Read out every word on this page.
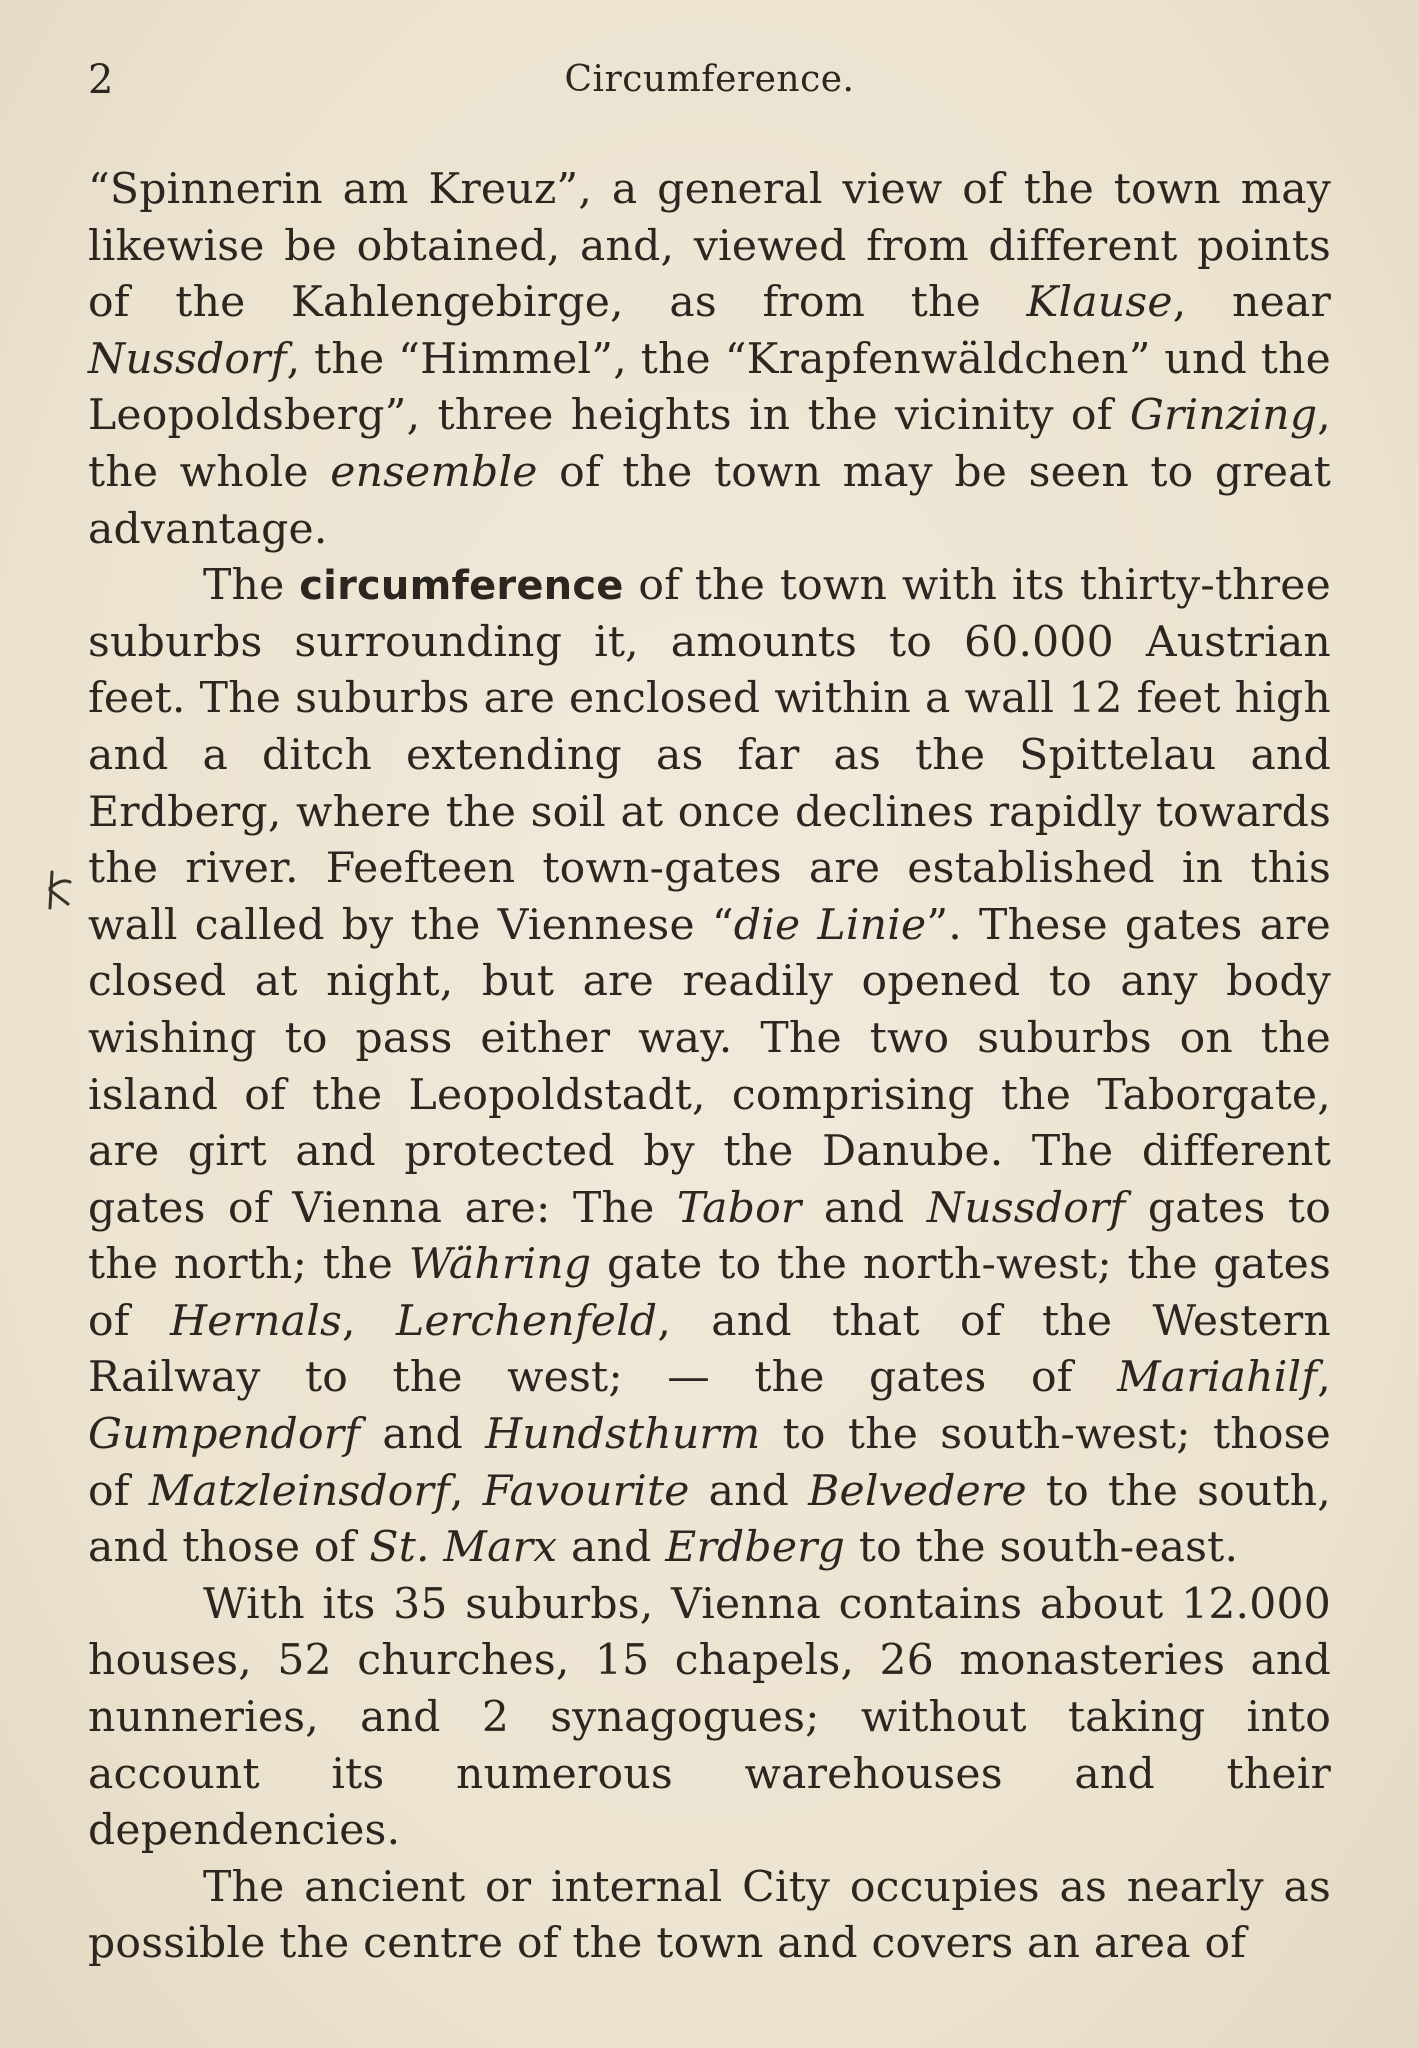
2	Circumference.

“Spinnerin am Kreuz”, a general view of the town may likewise be obtained, and, viewed from different points of the Kahlengebirge, as from the Klause, near Nussdorf, the “Himmel”, the “Krapfenwäldchen” und the Leopoldsberg”, three heights in the vicinity of Grinzing, the whole ensemble of the town may be seen to great advantage.

The circumference of the town with its thirty-three suburbs surrounding it, amounts to 60.000 Austrian feet. The suburbs are enclosed within a wall 12 feet high and a ditch extending as far as the Spittelau and Erdberg, where the soil at once declines rapidly towards the river. Feefteen town-gates are established in this wall called by the Viennese “die Linie”. These gates are closed at night, but are readily opened to any body wishing to pass either way. The two suburbs on the island of the Leopoldstadt, comprising the Taborgate, are girt and protected by the Danube. The different gates of Vienna are: The Tabor and Nussdorf gates to the north; the Währing gate to the north-west; the gates of Hernals, Lerchenfeld, and that of the Western Railway to the west; — the gates of Mariahilf, Gumpendorf and Hundsthurm to the south-west; those of Matzleinsdorf, Favourite and Belvedere to the south, and those of St. Marx and Erdberg to the south-east.

With its 35 suburbs, Vienna contains about 12.000 houses, 52 churches, 15 chapels, 26 monasteries and nunneries, and 2 synagogues; without taking into account its numerous warehouses and their dependencies.

The ancient or internal City occupies as nearly as possible the centre of the town and covers an area of
